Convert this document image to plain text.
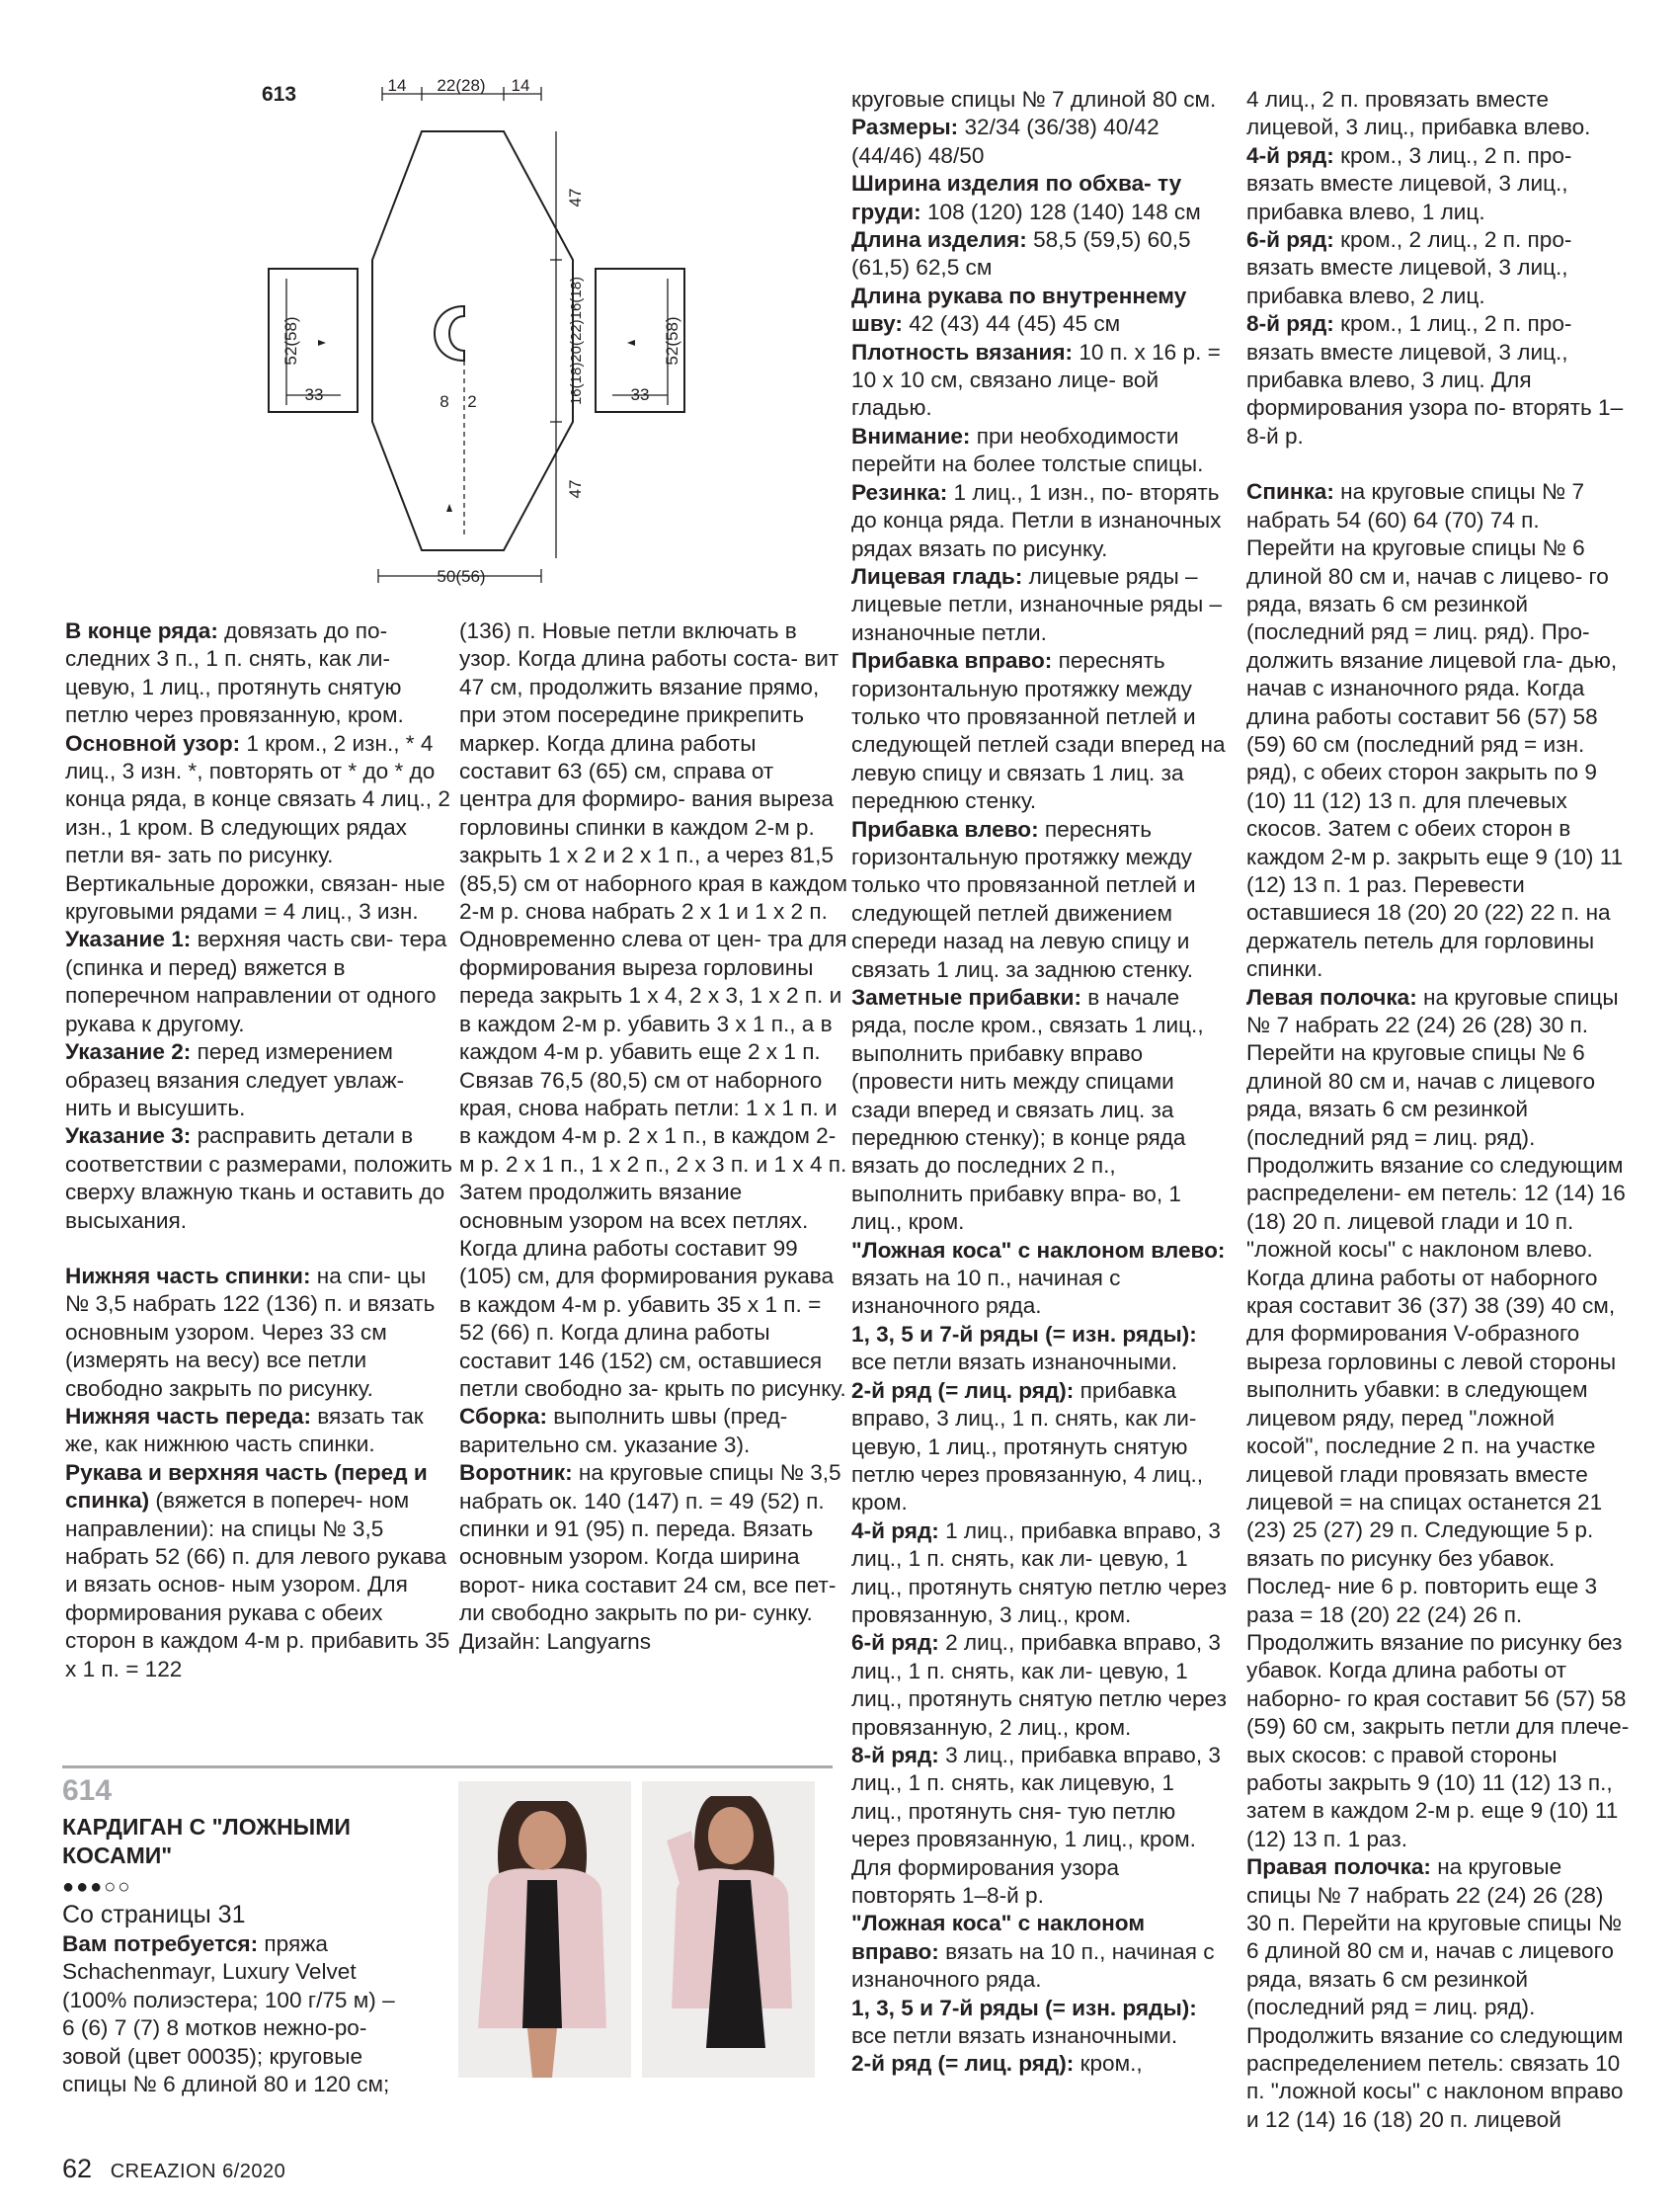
613	14 22(28) 14
47
16(18)20(22)16(18)
47
52(58)
33
52(58)
33
8 2
50(56)

В конце ряда: довязать до по- следних 3 п., 1 п. снять, как ли- цевую, 1 лиц., протянуть снятую петлю через провязанную, кром.

Основной узор: 1 кром., 2 изн., * 4 лиц., 3 изн. *, повторять от * до * до конца ряда, в конце связать 4 лиц., 2 изн., 1 кром. В следующих рядах петли вя- зать по рисунку.

Вертикальные дорожки, связан- ные круговыми рядами = 4 лиц., 3 изн.

Указание 1: верхняя часть сви- тера (спинка и перед) вяжется в поперечном направлении от одного рукава к другому.

Указание 2: перед измерением образец вязания следует увлаж- нить и высушить.

Указание 3: расправить детали в соответствии с размерами, положить сверху влажную ткань и оставить до высыхания.

Нижняя часть спинки: на спи- цы № 3,5 набрать 122 (136) п. и вязать основным узором. Через 33 см (измерять на весу) все петли свободно закрыть по рисунку.

Нижняя часть переда: вязать так же, как нижнюю часть спинки.

Рукава и верхняя часть (перед и спинка) (вяжется в попереч- ном направлении): на спицы № 3,5 набрать 52 (66) п. для левого рукава и вязать основ- ным узором. Для формирования рукава с обеих сторон в каждом 4-м р. прибавить 35 х 1 п. = 122

(136) п. Новые петли включать в узор. Когда длина работы соста- вит 47 см, продолжить вязание прямо, при этом посередине прикрепить маркер. Когда длина работы составит 63 (65) см, справа от центра для формиро- вания выреза горловины спинки в каждом 2-м р. закрыть 1 х 2 и 2 х 1 п., а через 81,5 (85,5) см от наборного края в каждом 2-м р. снова набрать 2 х 1 и 1 х 2 п. Одновременно слева от цен- тра для формирования выреза горловины переда закрыть 1 х 4, 2 х 3, 1 х 2 п. и в каждом 2-м р. убавить 3 х 1 п., а в каждом 4-м р. убавить еще 2 х 1 п. Связав 76,5 (80,5) см от наборного края, снова набрать петли: 1 х 1 п. и в каждом 4-м р. 2 х 1 п., в каждом 2-м р. 2 х 1 п., 1 х 2 п., 2 х 3 п. и 1 х 4 п. Затем продолжить вязание основным узором на всех петлях. Когда длина работы составит 99 (105) см, для формирования рукава в каждом 4-м р. убавить 35 х 1 п. = 52 (66) п. Когда длина работы составит 146 (152) см, оставшиеся петли свободно за- крыть по рисунку.

Сборка: выполнить швы (пред- варительно см. указание 3).

Воротник: на круговые спицы № 3,5 набрать ок. 140 (147) п. = 49 (52) п. спинки и 91 (95) п. переда. Вязать основным узором. Когда ширина ворот- ника составит 24 см, все пет- ли свободно закрыть по ри- сунку.

Дизайн: Langyarns

круговые спицы № 7 длиной 80 см.

Размеры: 32/34 (36/38) 40/42 (44/46) 48/50

Ширина изделия по обхва- ту груди: 108 (120) 128 (140) 148 см

Длина изделия: 58,5 (59,5) 60,5 (61,5) 62,5 см

Длина рукава по внутреннему шву: 42 (43) 44 (45) 45 см

Плотность вязания: 10 п. х 16 р. = 10 х 10 см, связано лице- вой гладью.

Внимание: при необходимости перейти на более толстые спицы.

Резинка: 1 лиц., 1 изн., по- вторять до конца ряда. Петли в изнаночных рядах вязать по рисунку.

Лицевая гладь: лицевые ряды – лицевые петли, изнаночные ряды – изнаночные петли.

Прибавка вправо: переснять горизонтальную протяжку между только что провязанной петлей и следующей петлей сзади вперед на левую спицу и связать 1 лиц. за переднюю стенку.

Прибавка влево: переснять горизонтальную протяжку между только что провязанной петлей и следующей петлей движением спереди назад на левую спицу и связать 1 лиц. за заднюю стенку.

Заметные прибавки: в начале ряда, после кром., связать 1 лиц., выполнить прибавку вправо (провести нить между спицами сзади вперед и связать лиц. за переднюю стенку); в конце ряда вязать до последних 2 п., выполнить прибавку впра- во, 1 лиц., кром.

"Ложная коса" с наклоном влево: вязать на 10 п., начиная с изнаночного ряда.

1, 3, 5 и 7-й ряды (= изн. ряды): все петли вязать изнаночными.

2-й ряд (= лиц. ряд): прибавка вправо, 3 лиц., 1 п. снять, как ли- цевую, 1 лиц., протянуть снятую петлю через провязанную, 4 лиц., кром.

4-й ряд: 1 лиц., прибавка вправо, 3 лиц., 1 п. снять, как ли- цевую, 1 лиц., протянуть снятую петлю через провязанную, 3 лиц., кром.

6-й ряд: 2 лиц., прибавка вправо, 3 лиц., 1 п. снять, как ли- цевую, 1 лиц., протянуть снятую петлю через провязанную, 2 лиц., кром.

8-й ряд: 3 лиц., прибавка вправо, 3 лиц., 1 п. снять, как лицевую, 1 лиц., протянуть сня- тую петлю через провязанную, 1 лиц., кром. Для формирования узора повторять 1–8-й р.

"Ложная коса" с наклоном вправо: вязать на 10 п., начиная с изнаночного ряда.

1, 3, 5 и 7-й ряды (= изн. ряды): все петли вязать изнаночными.

2-й ряд (= лиц. ряд): кром.,

4 лиц., 2 п. провязать вместе лицевой, 3 лиц., прибавка влево.

4-й ряд: кром., 3 лиц., 2 п. про- вязать вместе лицевой, 3 лиц., прибавка влево, 1 лиц.

6-й ряд: кром., 2 лиц., 2 п. про- вязать вместе лицевой, 3 лиц., прибавка влево, 2 лиц.

8-й ряд: кром., 1 лиц., 2 п. про- вязать вместе лицевой, 3 лиц., прибавка влево, 3 лиц. Для формирования узора по- вторять 1–8-й р.

Спинка: на круговые спицы № 7 набрать 54 (60) 64 (70) 74 п. Перейти на круговые спицы № 6 длиной 80 см и, начав с лицево- го ряда, вязать 6 см резинкой (последний ряд = лиц. ряд). Про- должить вязание лицевой гла- дью, начав с изнаночного ряда. Когда длина работы составит 56 (57) 58 (59) 60 см (последний ряд = изн. ряд), с обеих сторон закрыть по 9 (10) 11 (12) 13 п. для плечевых скосов. Затем с обеих сторон в каждом 2-м р. закрыть еще 9 (10) 11 (12) 13 п. 1 раз. Перевести оставшиеся 18 (20) 20 (22) 22 п. на держатель петель для горловины спинки.

Левая полочка: на круговые спицы № 7 набрать 22 (24) 26 (28) 30 п. Перейти на круговые спицы № 6 длиной 80 см и, начав с лицевого ряда, вязать 6 см резинкой (последний ряд = лиц. ряд). Продолжить вязание со следующим распределени- ем петель: 12 (14) 16 (18) 20 п. лицевой глади и 10 п. "ложной косы" с наклоном влево. Когда длина работы от наборного края составит 36 (37) 38 (39) 40 см, для формирования V-образного выреза горловины с левой стороны выполнить убавки: в следующем лицевом ряду, перед "ложной косой", последние 2 п. на участке лицевой глади провязать вместе лицевой = на спицах останется 21 (23) 25 (27) 29 п. Следующие 5 р. вязать по рисунку без убавок. Послед- ние 6 р. повторить еще 3 раза = 18 (20) 22 (24) 26 п. Продолжить вязание по рисунку без убавок. Когда длина работы от наборно- го края составит 56 (57) 58 (59) 60 см, закрыть петли для плече- вых скосов: с правой стороны работы закрыть 9 (10) 11 (12) 13 п., затем в каждом 2-м р. еще 9 (10) 11 (12) 13 п. 1 раз.

Правая полочка: на круговые спицы № 7 набрать 22 (24) 26 (28) 30 п. Перейти на круговые спицы № 6 длиной 80 см и, начав с лицевого ряда, вязать 6 см резинкой (последний ряд = лиц. ряд). Продолжить вязание со следующим распределением петель: связать 10 п. "ложной косы" с наклоном вправо и 12 (14) 16 (18) 20 п. лицевой

614
КАРДИГАН С "ЛОЖНЫМИ КОСАМИ"
●●●○○
Со страницы 31
Вам потребуется: пряжа Schachenmayr, Luxury Velvet (100% полиэстера; 100 г/75 м) – 6 (6) 7 (7) 8 мотков нежно-ро- зовой (цвет 00035); круговые спицы № 6 длиной 80 и 120 см;
62 CREAZION 6/2020
